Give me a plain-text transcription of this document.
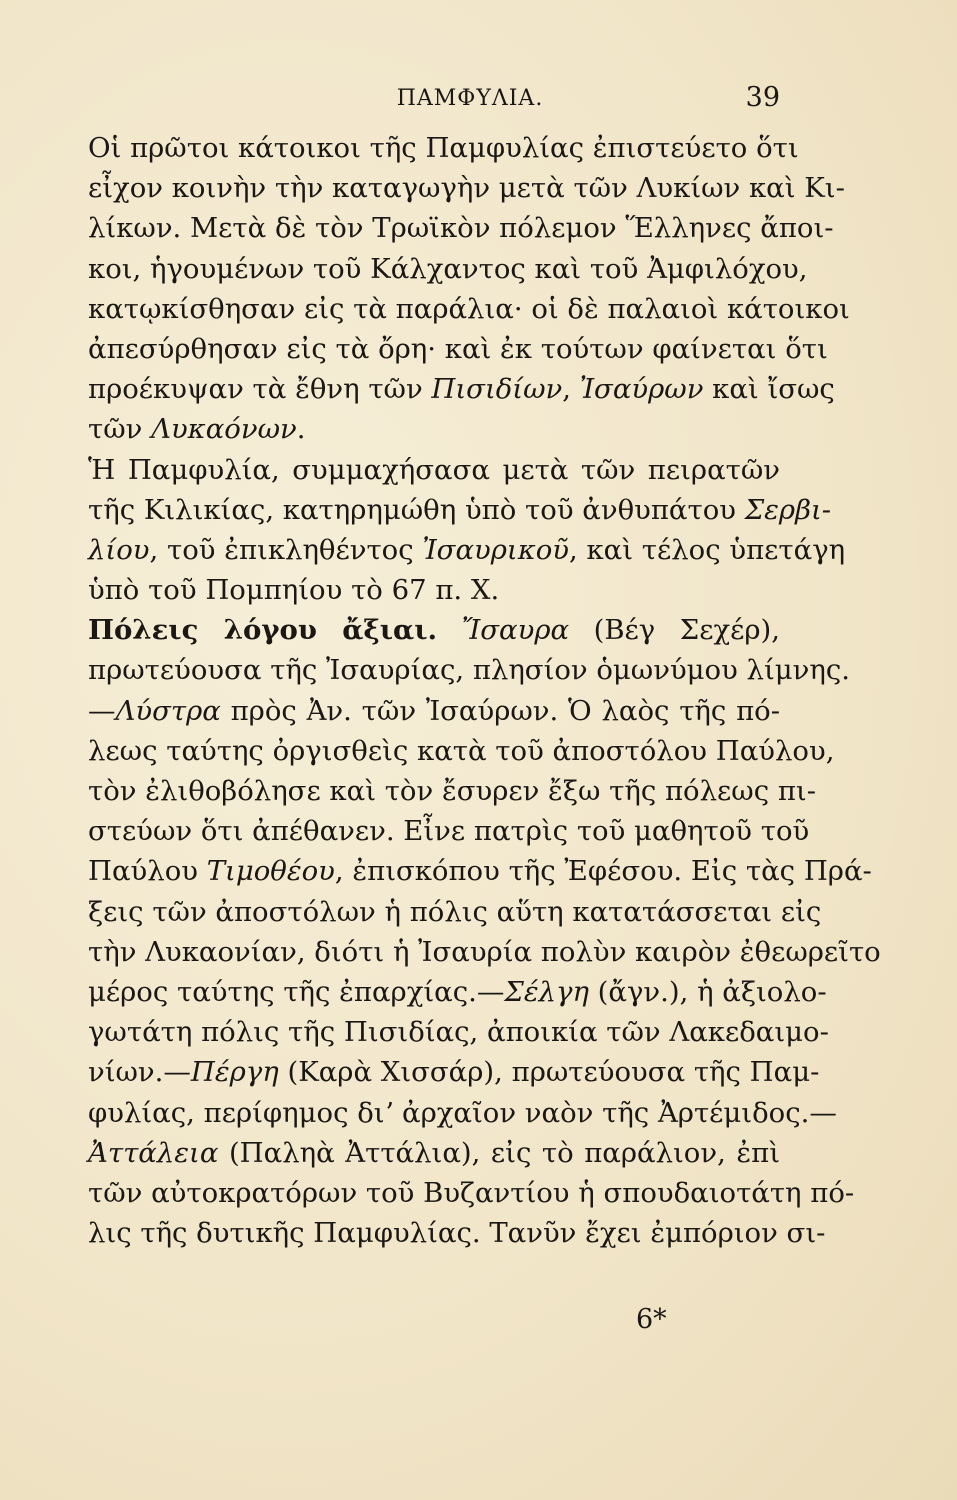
ΠΑΜΦΥΛΙΑ.	39
Οἱ πρῶτοι κάτοικοι τῆς Παμφυλίας ἐπιστεύετο ὅτι
εἶχον κοινὴν τὴν καταγωγὴν μετὰ τῶν Λυκίων καὶ Κι-
λίκων. Μετὰ δὲ τὸν Τρωϊκὸν πόλεμον Ἕλληνες ἄποι-
κοι, ἡγουμένων τοῦ Κάλχαντος καὶ τοῦ Ἀμφιλόχου,
κατῳκίσθησαν εἰς τὰ παράλια· οἱ δὲ παλαιοὶ κάτοικοι
ἀπεσύρθησαν εἰς τὰ ὄρη· καὶ ἐκ τούτων φαίνεται ὅτι
προέκυψαν τὰ ἔθνη τῶν Πισιδίων, Ἰσαύρων καὶ ἴσως
τῶν Λυκαόνων.
Ἡ Παμφυλία, συμμαχήσασα μετὰ τῶν πειρατῶν
τῆς Κιλικίας, κατηρημώθη ὑπὸ τοῦ ἀνθυπάτου Σερβι-
λίου, τοῦ ἐπικληθέντος Ἰσαυρικοῦ, καὶ τέλος ὑπετάγη
ὑπὸ τοῦ Πομπηίου τὸ 67 π. Χ.
Πόλεις λόγου ἄξιαι. Ἴσαυρα (Βέγ Σεχέρ),
πρωτεύουσα τῆς Ἰσαυρίας, πλησίον ὁμωνύμου λίμνης.
—Λύστρα πρὸς Ἀν. τῶν Ἰσαύρων. Ὁ λαὸς τῆς πό-
λεως ταύτης ὀργισθεὶς κατὰ τοῦ ἀποστόλου Παύλου,
τὸν ἐλιθοβόλησε καὶ τὸν ἔσυρεν ἔξω τῆς πόλεως πι-
στεύων ὅτι ἀπέθανεν. Εἶνε πατρὶς τοῦ μαθητοῦ τοῦ
Παύλου Τιμοθέου, ἐπισκόπου τῆς Ἐφέσου. Εἰς τὰς Πρά-
ξεις τῶν ἀποστόλων ἡ πόλις αὕτη κατατάσσεται εἰς
τὴν Λυκαονίαν, διότι ἡ Ἰσαυρία πολὺν καιρὸν ἐθεωρεῖτο
μέρος ταύτης τῆς ἐπαρχίας.—Σέλγη (ἄγν.), ἡ ἀξιολο-
γωτάτη πόλις τῆς Πισιδίας, ἀποικία τῶν Λακεδαιμο-
νίων.—Πέργη (Καρὰ Χισσάρ), πρωτεύουσα τῆς Παμ-
φυλίας, περίφημος διʼ ἀρχαῖον ναὸν τῆς Ἀρτέμιδος.—
Ἀττάλεια (Παληὰ Ἀττάλια), εἰς τὸ παράλιον, ἐπὶ
τῶν αὐτοκρατόρων τοῦ Βυζαντίου ἡ σπουδαιοτάτη πό-
λις τῆς δυτικῆς Παμφυλίας. Τανῦν ἔχει ἐμπόριον σι-
6*
